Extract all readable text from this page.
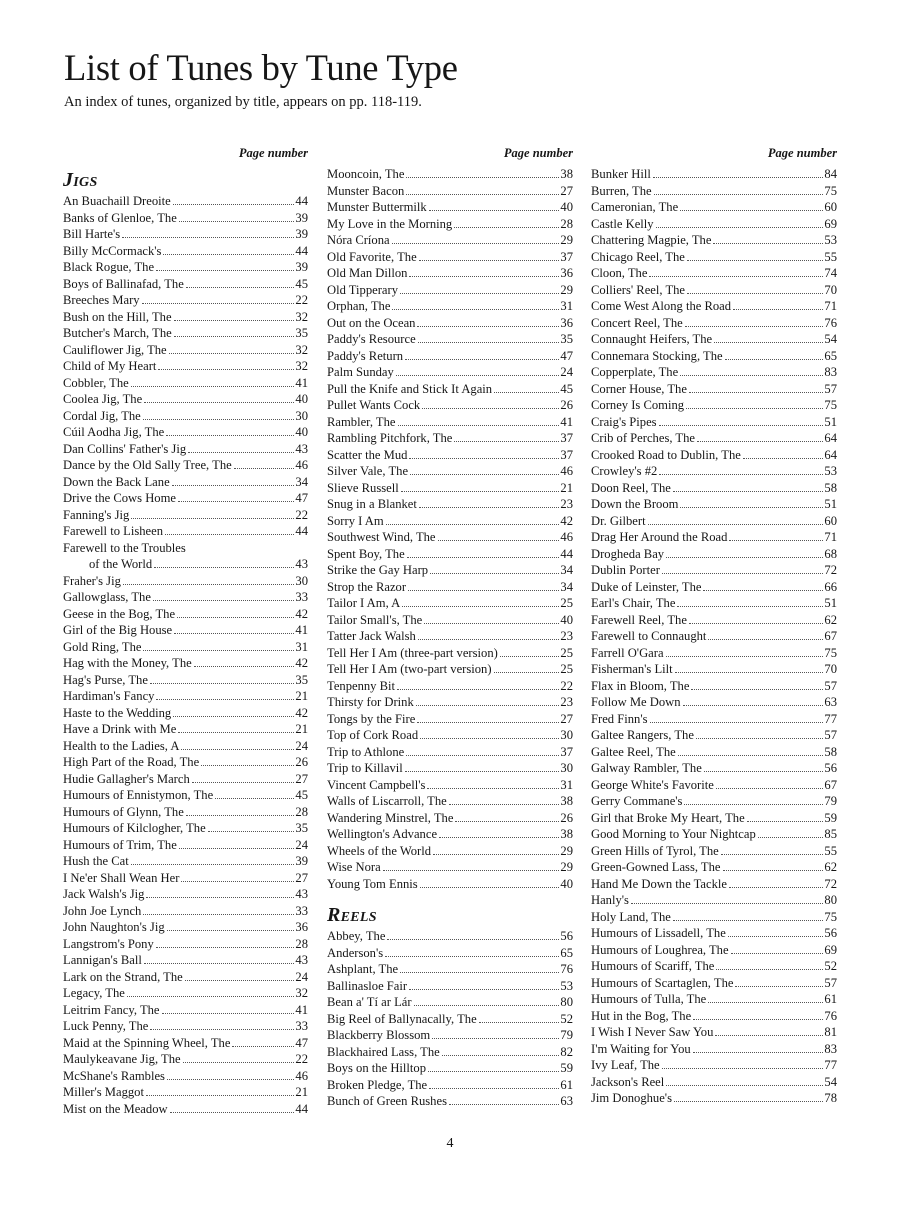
List of Tunes by Tune Type

An index of tunes, organized by title, appears on pp. 118-119.

Page number
Jigs
An Buachaill Dreoite	44
Banks of Glenloe, The	39
Bill Harte's	39
Billy McCormack's	44
Black Rogue, The	39
Boys of Ballinafad, The	45
Breeches Mary	22
Bush on the Hill, The	32
Butcher's March, The	35
Cauliflower Jig, The	32
Child of My Heart	32
Cobbler, The	41
Coolea Jig, The	40
Cordal Jig, The	30
Cúil Aodha Jig, The	40
Dan Collins' Father's Jig	43
Dance by the Old Sally Tree, The	46
Down the Back Lane	34
Drive the Cows Home	47
Fanning's Jig	22
Farewell to Lisheen	44
Farewell to the Troubles
of the World	43
Fraher's Jig	30
Gallowglass, The	33
Geese in the Bog, The	42
Girl of the Big House	41
Gold Ring, The	31
Hag with the Money, The	42
Hag's Purse, The	35
Hardiman's Fancy	21
Haste to the Wedding	42
Have a Drink with Me	21
Health to the Ladies, A	24
High Part of the Road, The	26
Hudie Gallagher's March	27
Humours of Ennistymon, The	45
Humours of Glynn, The	28
Humours of Kilclogher, The	35
Humours of Trim, The	24
Hush the Cat	39
I Ne'er Shall Wean Her	27
Jack Walsh's Jig	43
John Joe Lynch	33
John Naughton's Jig	36
Langstrom's Pony	28
Lannigan's Ball	43
Lark on the Strand, The	24
Legacy, The	32
Leitrim Fancy, The	41
Luck Penny, The	33
Maid at the Spinning Wheel, The	47
Maulykeavane Jig, The	22
McShane's Rambles	46
Miller's Maggot	21
Mist on the Meadow	44
Page number
Mooncoin, The	38
Munster Bacon	27
Munster Buttermilk	40
My Love in the Morning	28
Nóra Críona	29
Old Favorite, The	37
Old Man Dillon	36
Old Tipperary	29
Orphan, The	31
Out on the Ocean	36
Paddy's Resource	35
Paddy's Return	47
Palm Sunday	24
Pull the Knife and Stick It Again	45
Pullet Wants Cock	26
Rambler, The	41
Rambling Pitchfork, The	37
Scatter the Mud	37
Silver Vale, The	46
Slieve Russell	21
Snug in a Blanket	23
Sorry I Am	42
Southwest Wind, The	46
Spent Boy, The	44
Strike the Gay Harp	34
Strop the Razor	34
Tailor I Am, A	25
Tailor Small's, The	40
Tatter Jack Walsh	23
Tell Her I Am (three-part version)	25
Tell Her I Am (two-part version)	25
Tenpenny Bit	22
Thirsty for Drink	23
Tongs by the Fire	27
Top of Cork Road	30
Trip to Athlone	37
Trip to Killavil	30
Vincent Campbell's	31
Walls of Liscarroll, The	38
Wandering Minstrel, The	26
Wellington's Advance	38
Wheels of the World	29
Wise Nora	29
Young Tom Ennis	40
Reels
Abbey, The	56
Anderson's	65
Ashplant, The	76
Ballinasloe Fair	53
Bean a' Tí ar Lár	80
Big Reel of Ballynacally, The	52
Blackberry Blossom	79
Blackhaired Lass, The	82
Boys on the Hilltop	59
Broken Pledge, The	61
Bunch of Green Rushes	63
Page number
Bunker Hill	84
Burren, The	75
Cameronian, The	60
Castle Kelly	69
Chattering Magpie, The	53
Chicago Reel, The	55
Cloon, The	74
Colliers' Reel, The	70
Come West Along the Road	71
Concert Reel, The	76
Connaught Heifers, The	54
Connemara Stocking, The	65
Copperplate, The	83
Corner House, The	57
Corney Is Coming	75
Craig's Pipes	51
Crib of Perches, The	64
Crooked Road to Dublin, The	64
Crowley's #2	53
Doon Reel, The	58
Down the Broom	51
Dr. Gilbert	60
Drag Her Around the Road	71
Drogheda Bay	68
Dublin Porter	72
Duke of Leinster, The	66
Earl's Chair, The	51
Farewell Reel, The	62
Farewell to Connaught	67
Farrell O'Gara	75
Fisherman's Lilt	70
Flax in Bloom, The	57
Follow Me Down	63
Fred Finn's	77
Galtee Rangers, The	57
Galtee Reel, The	58
Galway Rambler, The	56
George White's Favorite	67
Gerry Commane's	79
Girl that Broke My Heart, The	59
Good Morning to Your Nightcap	85
Green Hills of Tyrol, The	55
Green-Gowned Lass, The	62
Hand Me Down the Tackle	72
Hanly's	80
Holy Land, The	75
Humours of Lissadell, The	56
Humours of Loughrea, The	69
Humours of Scariff, The	52
Humours of Scartaglen, The	57
Humours of Tulla, The	61
Hut in the Bog, The	76
I Wish I Never Saw You	81
I'm Waiting for You	83
Ivy Leaf, The	77
Jackson's Reel	54
Jim Donoghue's	78
4
